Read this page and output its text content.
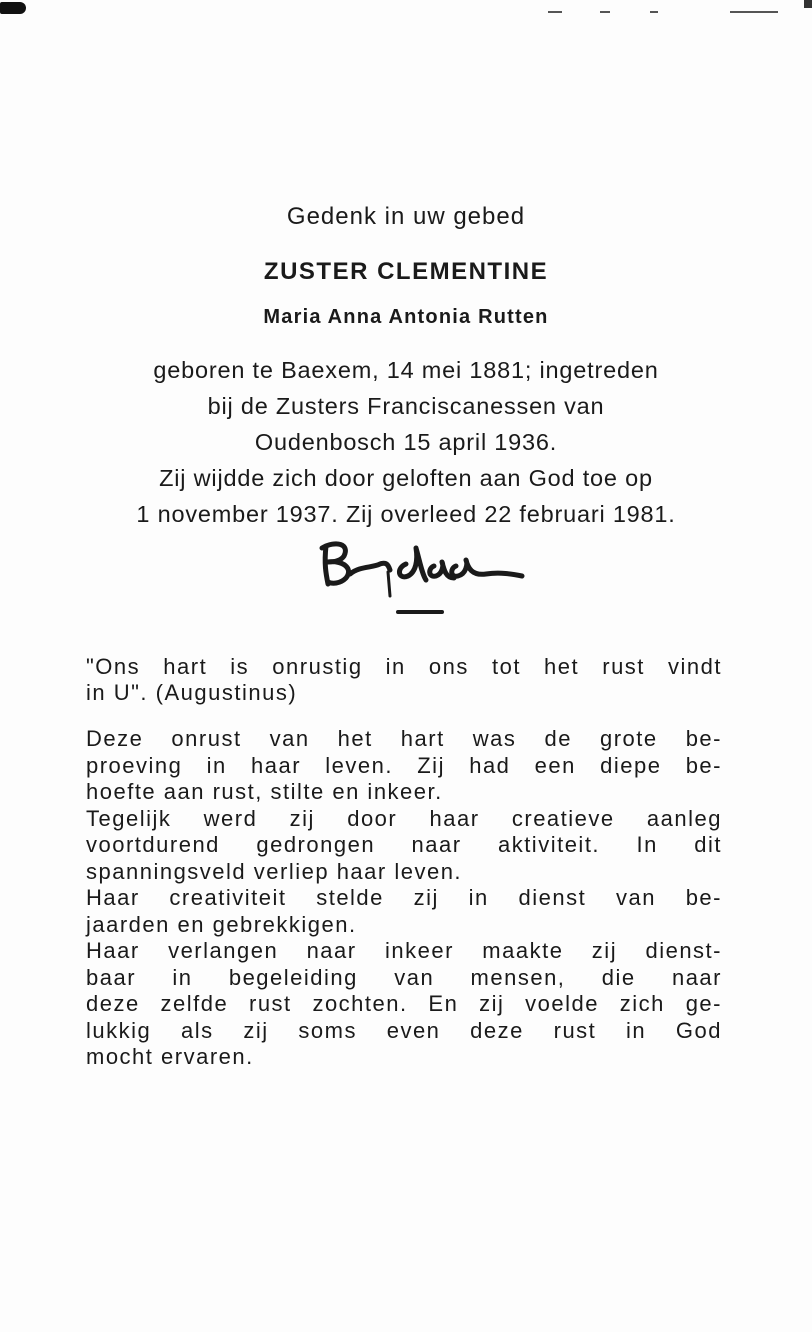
Gedenk in uw gebed
ZUSTER CLEMENTINE
Maria Anna Antonia Rutten
geboren te Baexem, 14 mei 1881; ingetreden
bij de Zusters Franciscanessen van
Oudenbosch 15 april 1936.
Zij wijdde zich door geloften aan God toe op
1 november 1937. Zij overleed 22 februari 1981.
Bida
"Ons hart is onrustig in ons tot het rust vindt
in U". (Augustinus)
Deze onrust van het hart was de grote be-
proeving in haar leven. Zij had een diepe be-
hoefte aan rust, stilte en inkeer.
Tegelijk werd zij door haar creatieve aanleg
voortdurend gedrongen naar aktiviteit. In dit
spanningsveld verliep haar leven.
Haar creativiteit stelde zij in dienst van be-
jaarden en gebrekkigen.
Haar verlangen naar inkeer maakte zij dienst-
baar in begeleiding van mensen, die naar
deze zelfde rust zochten. En zij voelde zich ge-
lukkig als zij soms even deze rust in God
mocht ervaren.
